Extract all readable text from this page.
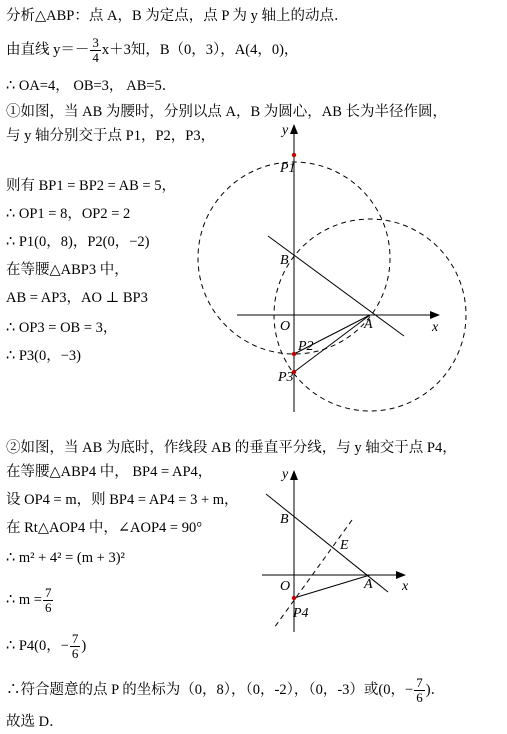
分析△ABP：点 A，B 为定点，点 P 为 y 轴上的动点．
由直线 $y=- \frac{3}{4} x+3$知，B（0，3），A(4，0)，
∴ OA=4， OB=3， AB=5．
①如图，当 AB 为腰时，分别以点 A，B 为圆心，AB 长为半径作圆，
与 y 轴分别交于点 P1，P2，P3，
则有 BP1 = BP2 = AB = 5，
∴ OP1 = 8，OP2 = 2
∴ P1(0，8)，P2(0，−2)
在等腰△ABP3 中，
AB = AP3，AO ⊥ BP3
∴ OP3 = OB = 3，
∴ P3(0，−3)
②如图，当 AB 为底时，作线段 AB 的垂直平分线，与 y 轴交于点 P4，
在等腰△ABP4 中， BP4 = AP4，
设 OP4 = m，则 BP4 = AP4 = 3 + m，
在 Rt△AOP4 中，∠AOP4 = 90°
∴ m² + 4² = (m + 3)²
∴ $m = \frac{7}{6}$
∴ P4(0，− $\frac{7}{6}$ )
∴符合题意的点 P 的坐标为（0，8），（0，-2），（0，-3）或(0，− $\frac{7}{6}$ )．
故选 D．
y
x
O	A
B
P1
P2
P3
y
x
O	A
B
E
P4
